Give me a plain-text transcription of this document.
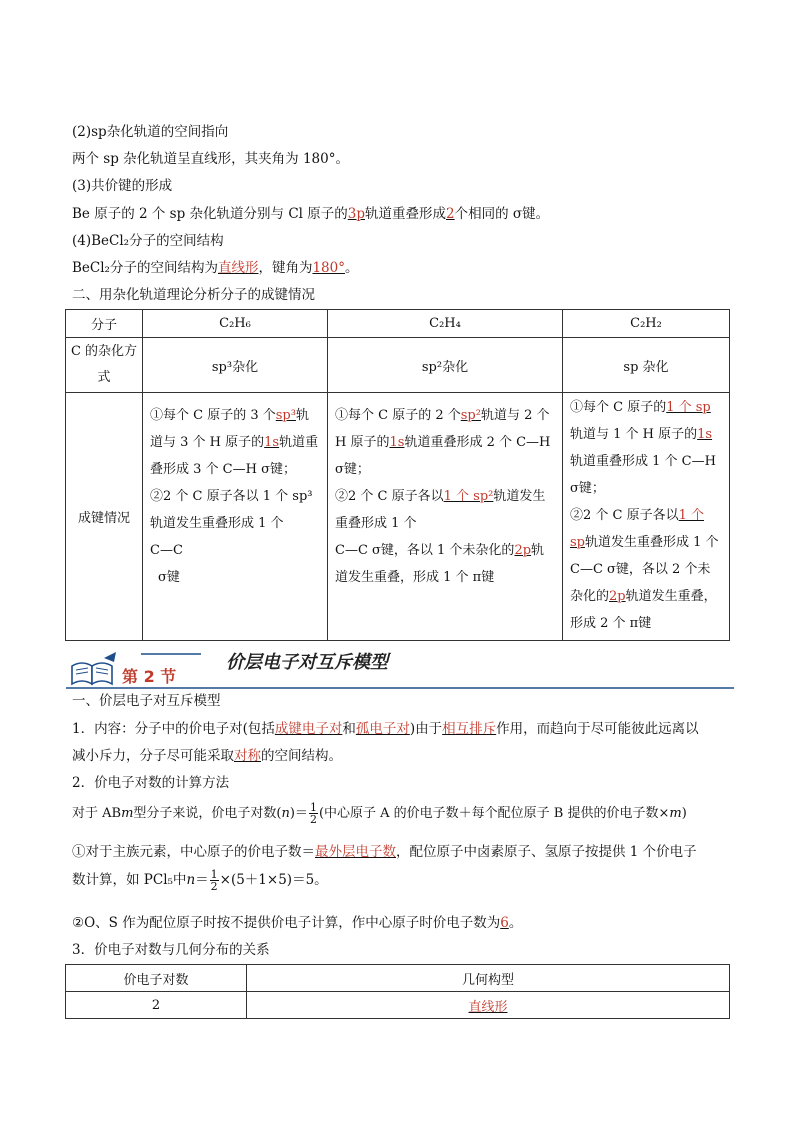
(2)sp杂化轨道的空间指向
两个 sp 杂化轨道呈直线形，其夹角为 180°。
(3)共价键的形成
Be 原子的 2 个 sp 杂化轨道分别与 Cl 原子的3p轨道重叠形成2个相同的 σ键。
(4)BeCl₂分子的空间结构
BeCl₂分子的空间结构为直线形，键角为180°。
二、用杂化轨道理论分析分子的成键情况
分子	C₂H₆	C₂H₄	C₂H₂
C 的杂化方式	sp³杂化	sp²杂化	sp 杂化
成键情况	①每个 C 原子的 3 个sp³轨道与 3 个 H 原子的1s轨道重叠形成 3 个 C—H σ键；
②2 个 C 原子各以 1 个 sp³ 轨道发生重叠形成 1 个
C—C
σ键	①每个 C 原子的 2 个sp²轨道与 2 个 H 原子的1s轨道重叠形成 2 个 C—H σ键；
②2 个 C 原子各以1 个 sp²轨道发生重叠形成 1 个
C—C σ键，各以 1 个未杂化的2p轨道发生重叠，形成 1 个 π键	①每个 C 原子的1 个 sp轨道与 1 个 H 原子的1s轨道重叠形成 1 个 C—H σ键；
②2 个 C 原子各以1 个 sp轨道发生重叠形成 1 个 C—C σ键，各以 2 个未杂化的2p轨道发生重叠，形成 2 个 π键
第 2 节
价层电子对互斥模型
一、价层电子对互斥模型
1．内容：分子中的价电子对(包括成键电子对和孤电子对)由于相互排斥作用，而趋向于尽可能彼此远离以
减小斥力，分子尽可能采取对称的空间结构。
2．价电子对数的计算方法
对于 ABm型分子来说，价电子对数$(n)= \frac{1}{2}$ (中心原子 A 的价电子数＋每个配位原子 B 提供的价电子数×m)
①对于主族元素，中心原子的价电子数＝最外层电子数，配位原子中卤素原子、氢原子按提供 1 个价电子
数计算，如 PCl₅中$n= \frac{1}{2} \times(5+1\times 5)=5$。
②O、S 作为配位原子时按不提供价电子计算，作中心原子时价电子数为6。
3．价电子对数与几何分布的关系
价电子对数	几何构型
2	直线形
